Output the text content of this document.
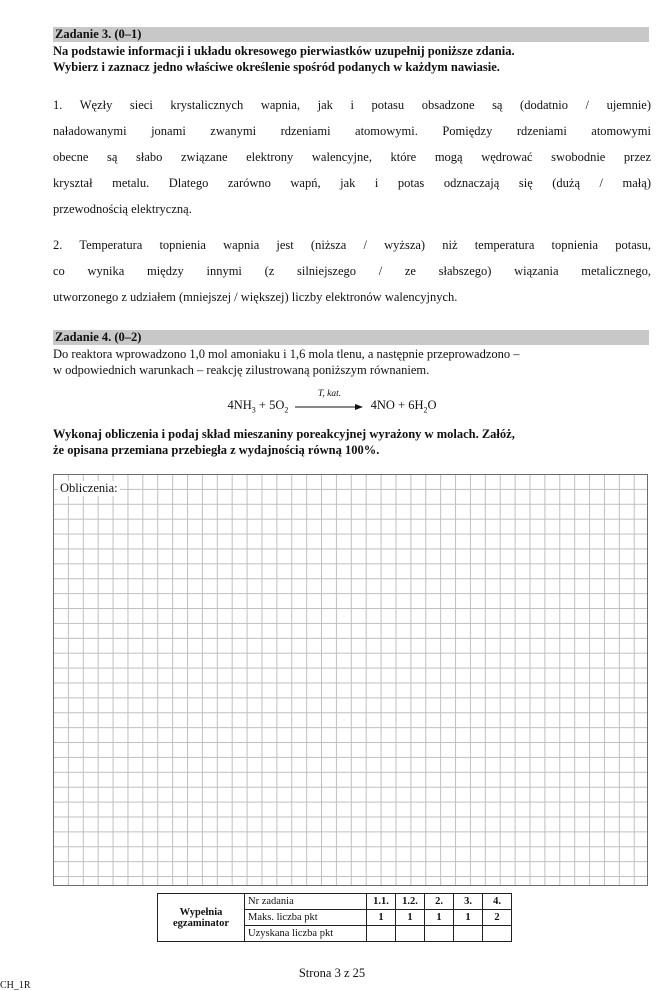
Zadanie 3. (0–1)
Na podstawie informacji i układu okresowego pierwiastków uzupełnij poniższe zdania.
Wybierz i zaznacz jedno właściwe określenie spośród podanych w każdym nawiasie.
1. Węzły sieci krystalicznych wapnia, jak i potasu obsadzone są (dodatnio / ujemnie)
naładowanymi jonami zwanymi rdzeniami atomowymi. Pomiędzy rdzeniami atomowymi
obecne są słabo związane elektrony walencyjne, które mogą wędrować swobodnie przez
kryształ metalu. Dlatego zarówno wapń, jak i potas odznaczają się (dużą / małą)
przewodnością elektryczną.
2. Temperatura topnienia wapnia jest (niższa / wyższa) niż temperatura topnienia potasu,
co wynika między innymi (z silniejszego / ze słabszego) wiązania metalicznego,
utworzonego z udziałem (mniejszej / większej) liczby elektronów walencyjnych.
Zadanie 4. (0–2)
Do reaktora wprowadzono 1,0 mol amoniaku i 1,6 mola tlenu, a następnie przeprowadzono –
w odpowiednich warunkach – reakcję zilustrowaną poniższym równaniem.
$4NH_3 + 5O_2$
T, kat.
$4NO + 6H_2O$
Wykonaj obliczenia i podaj skład mieszaniny poreakcyjnej wyrażony w molach. Załóż,
że opisana przemiana przebiegła z wydajnością równą 100%.
Obliczenia:
Wypełnia
egzaminator	Nr zadania	1.1.	1.2.	2.	3.	4.
	Maks. liczba pkt	1	1	1	1	2
	Uzyskana liczba pkt					
Strona 3 z 25
CH_1R
